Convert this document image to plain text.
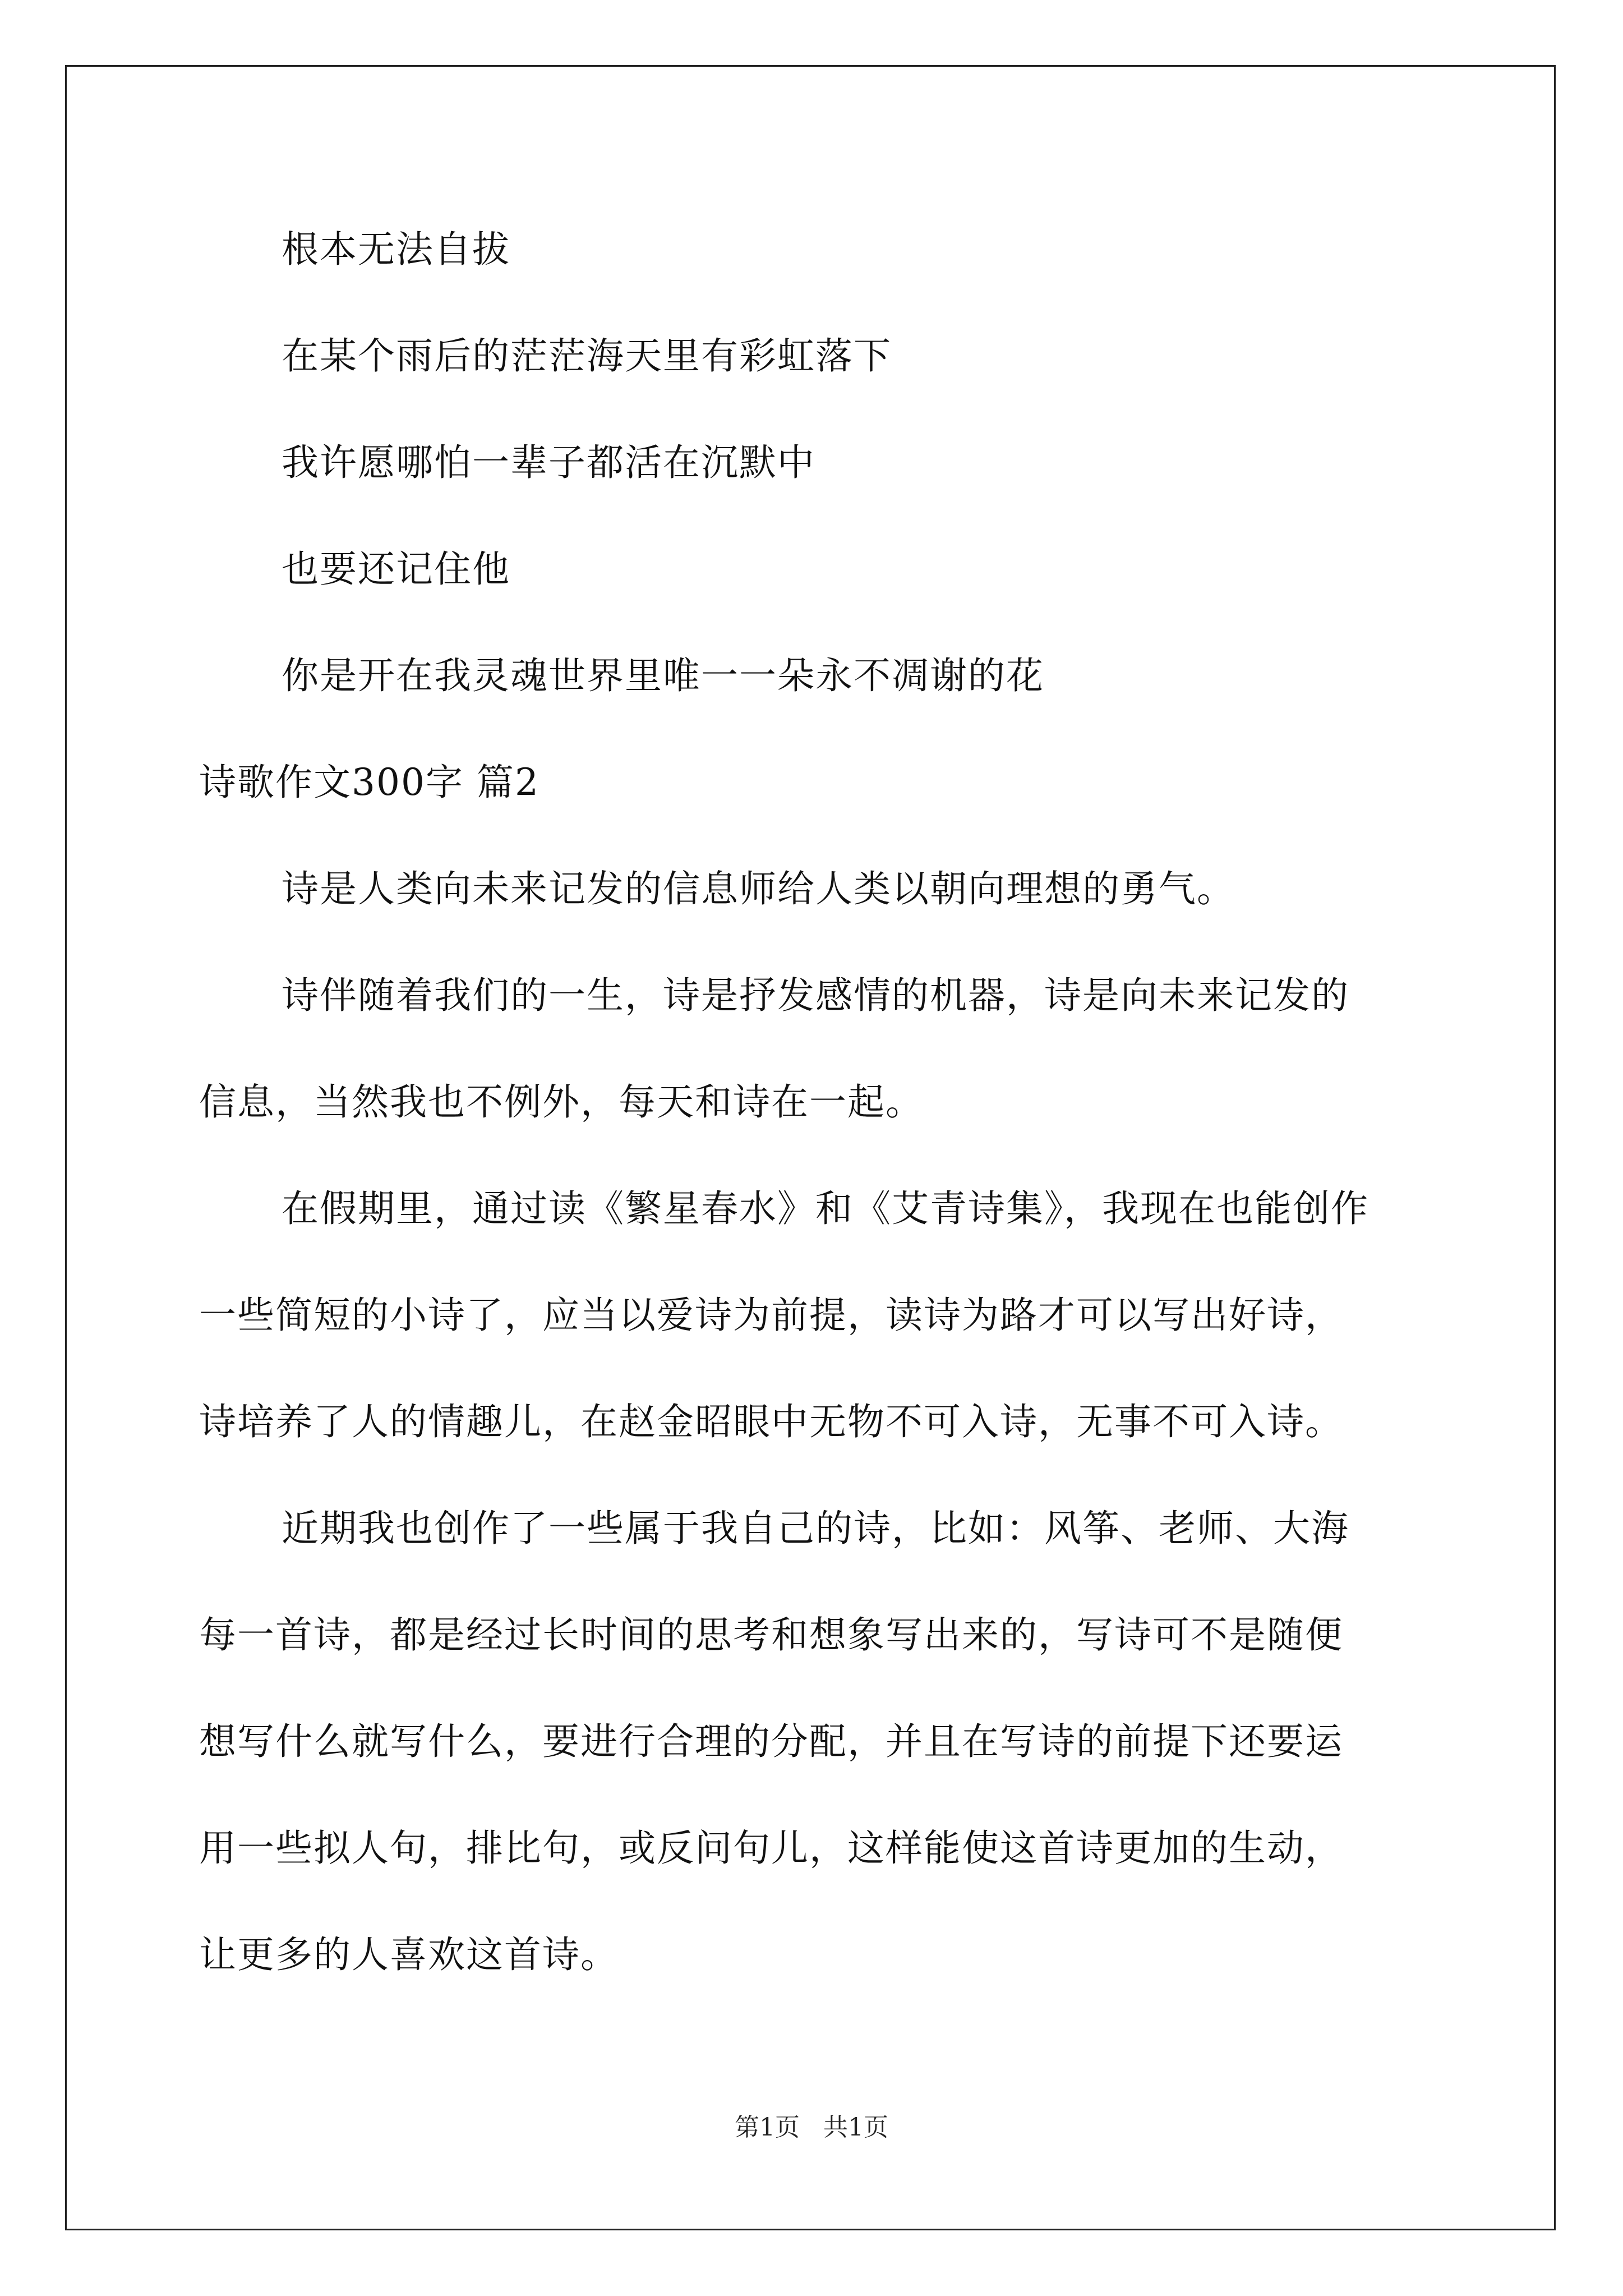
根本无法自拔
在某个雨后的茫茫海天里有彩虹落下
我许愿哪怕一辈子都活在沉默中
也要还记住他
你是开在我灵魂世界里唯一一朵永不凋谢的花
诗歌作文300字 篇2
诗是人类向未来记发的信息师给人类以朝向理想的勇气。
诗伴随着我们的一生，诗是抒发感情的机器，诗是向未来记发的
信息，当然我也不例外，每天和诗在一起。
在假期里，通过读《繁星春水》和《艾青诗集》，我现在也能创作
一些简短的小诗了，应当以爱诗为前提，读诗为路才可以写出好诗，
诗培养了人的情趣儿，在赵金昭眼中无物不可入诗，无事不可入诗。
近期我也创作了一些属于我自己的诗，比如：风筝、老师、大海
每一首诗，都是经过长时间的思考和想象写出来的，写诗可不是随便
想写什么就写什么，要进行合理的分配，并且在写诗的前提下还要运
用一些拟人句，排比句，或反问句儿，这样能使这首诗更加的生动，
让更多的人喜欢这首诗。
第1页   共1页
